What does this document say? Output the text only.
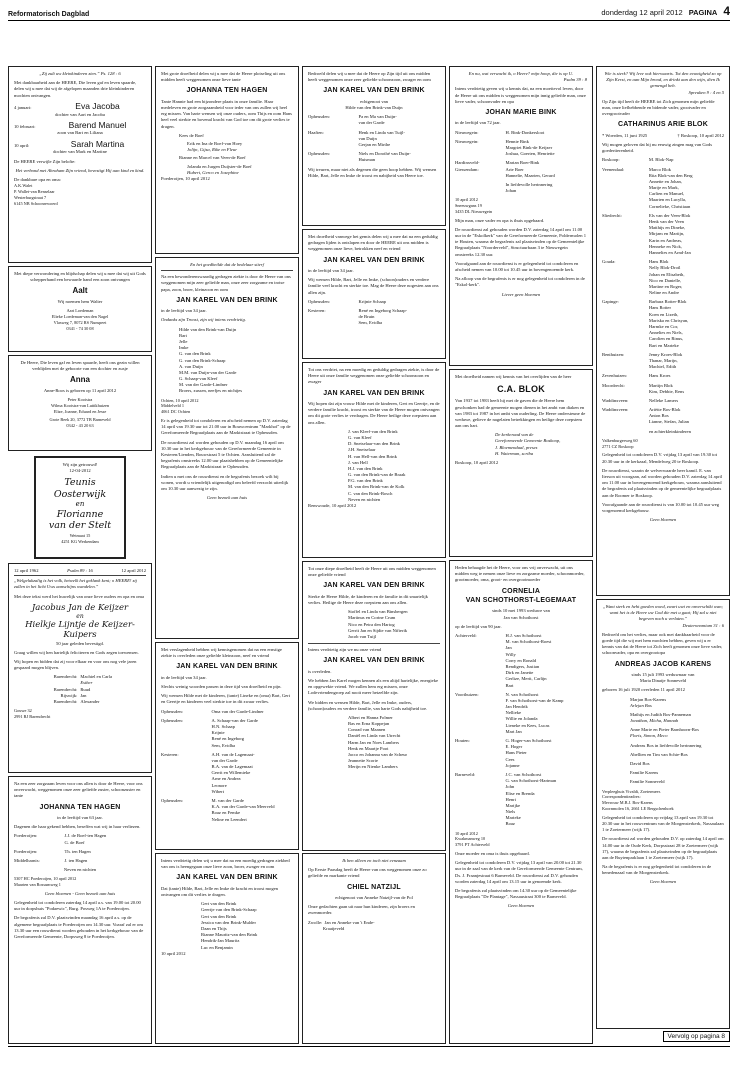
Reformatorisch Dagblad	donderdag 12 april 2012 PAGINA 4
„Zij zult uw kleinkinderen zien.” Ps. 128 : 6
Met dankbaarheid aan de HEERE, Die leven gaf en leven spaarde, delen wij u mee dat wij de afgelopen maanden drie kleinkinderen mochten ontvangen.
4 januari:	Eva Jacoba
dochter van Aart en Jacoba
10 februari:	Barend Manuel
zoon van Bart en Liliana
10 april:	Sarah Martina
dochter van Mark en Martine
De HEERE verwijle Zijn belofte:
Het verbond met Abraham Zijn vriend, bevestigt Hij aan kind en kind.
De dankbare opa en oma:
A.K.Walet
P. Wallet-van Renselaar
Westerburgstraat 7
6145 NB Schoonrewoerd
Met diepe verwondering en blijdschap delen wij u mee dat wij uit Gods schepperhand een bewaarde hand een zoon ontvangen
Aalt
Wij noemen hem Walter
Aart Loedeman
Elieke Loedeman-van den Nagel
Vlasweg 7, 8072 RS Nunspeet
0341 - 74 30 08
De Heere, Die leven gaf en leven spaarde, heeft ons gezin willen verblijden met de geboorte van een dochter en zusje
Anna
Anne-Roos is geboren op 11 april 2012
Peter Kooistra
Wilma Kooistra-van Luttikhuizen
Elize, Joanne, Eduard en Jesse
Grote Beek 20, 3772 TB Barneveld
0342 - 43 20 63
Wij zijn getrouwd!
12-04-2012
Teunis
Oosterwijk
en
Florianne
van der Stelt
Wetmaat 15
4251 KG Werkendam
12 april 1962	Psalm 89 : 16	12 april 2012
„Welgelukzalig is het volk, hetwelk het geklank kent; o HEERE! zij zullen in het licht Uws aanschijns wandelen.”
Met deze tekst werd het huwelijk van onze lieve ouders en opa en oma
Jacobus Jan de Keijzer
en
Hielkje Lijntje de Keijzer-Kuipers
50 jaar geleden bevestigd.
Graag willen wij hen hartelijk feliciteren en Gods zegen toewensen.
Wij hopen en bidden dat zij voor elkaar en voor ons nog vele jaren gespaard mogen blijven.
Barendrecht: Machiel en Carla
Esther
Barendrecht: Ruud
Rijswijk: Jan
Barendrecht: Alexander
Gouwe 32
2991 RJ Barendrecht
Na een zeer zorgzaam leven voor ons allen is door de Heere, voor ons onverwacht, weggenomen onze zeer geliefde zuster, schoonzuster en tante
JOHANNA TEN HAGEN
in de leeftijd van 63 jaar.
Dagenen die haar gekend hebben, beseffen wat wij in haar verliezen.
Poederoijen:	J.J. de Boef-ten Hagen
G. de Boef
Poederoijen:	Th. ten Hagen
Middelharnis:	J. ten Hagen
Neven en nichten
5307 HC Poederoijen, 10 april 2012
Maarten van Rossumweg 1
Geen bloemen - Geen bezoek aan huis
Gelegenheid tot condoleren zaterdag 14 april a.s. van 19.00 tot 20.00 uur in dorpshuis "Podaewic", Burg. Posweg 1A te Poederoijen.
De begrafenis zal D.V. plaatsvinden maandag 16 april a.s. op de algemene begraafplaats te Poederoijen om 14.30 uur. Voaraf zal er om 13.30 uur een rouwdienst worden gehouden in het kerkgebouw van de Gereformeerde Gemeente, Dorpsweg 8 te Poederoijen.
Met grote droefheid delen wij u mee dat de Heere plotseling uit ons midden heeft weggenomen onze lieve tante
JOHANNA TEN HAGEN
Tante Hannie had een bijzondere plaats in onze familie. Haar medeleven en grote zorgzaamheid voor ieder van ons zullen wij heel erg missen. Van harte wensen wij onze ouders, oom Thijs en oom Hans heel veel sterkte en bovenal kracht van God toe om dit grote verlies te dragen.
Kees de Boef
Erik en Ina de Boef-van Hoey
Jolijn, Gijsa, Rike en Fleur
Rianne en Marcel van Veen-de Boef
Jolanda en Jurgen Duijster-de Boef
Hubert, Gerco en Josephine
Poederoijen, 10 april 2012
En het goedheilde dat de bedelaar stierf
Na een bewonderenswaardig gedragen ziekte is door de Heere van ons weggenomen mijn zeer geliefde man, onze zeer zorgzame en trotse papa, zoon, broer, kleinzoon en oom
JAN KAREL VAN DEN BRINK
in de leeftijd van 34 jaar.
Ondanks zijn Troost, zijn wij intens verdrietig.
Hilde van den Brink-van Duijn
Bart
Jelle
Imke
G. van den Brink
G. van den Brink-Schaap
A. van Duijn
M.M. van Duijn-van der Garde
G. Schaap-van Kleef
M. van der Garde-Lindner
Broers, zussen, neefjes en nichtjes
Ochten, 10 april 2012
Middelveld 1
4061 DC Ochten
Er is gelegenheid tot condoleren en afscheid nemen op D.V. zaterdag 14 april van 19.30 uur tot 21.00 uur in Bouwcentrum "Markhof" op de Gereformeerde Begraafplaats aan de Marktstraat te Opheusden.
De rouwdienst zal worden gehouden op D.V. maandag 16 april om 10.30 uur in het kerkgebouw van de Gereformeerde Gemeente in Kesteren/Lienden, Bouwstraat 5 te Ochten. Aansluitend zal de begrafenis omstreeks 12.00 uur plaatshebben op de Gemeentelijke Begraafplaats aan de Marktstraat te Opheusden.
Indien u met ons de rouwdienst en de begrafenis bezoek wilt bij wonen, wordt u vriendelijk uitgenodigd om beleefd verzocht uiterlijk om 10.30 uur aanwezig te zijn.
Geen bezoek aan huis
Met verslagenheid hebben wij kennisgenomen dat na een ernstige ziekte is overleden onze geliefde kleinzoon, neef en vriend
JAN KAREL VAN DEN BRINK
in de leeftijd van 34 jaar.
Slechts weinig woorden passen in deze tijd van droefheid en pijn.
Wij wensen Hilde met de kinderen, (tante) Lineke en (oma) Bart, Gert en Geertje en kinderen veel sterkte toe in dit zwaar verlies.
Opheusden:	Oma van der Garde-Lindner
Opheusden:	A. Schaap-van der Garde
H.N. Schaap
Krijnie
René en Ingeborg
Sem, Evidha
Kesteren:	A.H. van de Lagemaat-
van der Garde
B.A. van de Lagemaat
Gerrit en Willemieke
Arne en Andrea
Leonore
Wibert
Opheusden:	M. van der Garde
K.A. van der Garde-van Meerveld
Boaz en Femke
Neline en Leendert
Bedroefd delen wij u mee dat de Heere op Zijn tijd uit ons midden heeft weggenomen onze zeer geliefde schoonzoon, zwager en oom
JAN KAREL VAN DEN BRINK
echtgenoot van
Hilde van den Brink-van Duijn
Opheusden:	Pa en Ma van Duijn-
van der Garde
Haaften:	Henk en Linda van Tuijl-
van Duijn
Gerjan en Mirthe
Opheusden:	Niels en Dorothé van Duijn-
Huisman
Wij treuren, maar niet als degenen die geen hoop hebben. Wij wensen Hilde, Bart, Jelle en Imke de troost en nabijheid van Heere toe.
Met droefheid vanwege het gemis delen wij u mee dat na een geduldig gedragen lijden is ontslapen en door de HEERE uit ons midden is weggenomen onze lieve, betrokken neef en vriend
JAN KAREL VAN DEN BRINK
in de leeftijd van 34 jaar.
Wij wensen Hilde, Bart, Jelle en Imke, (schoon)ouders en verdere familie veel kracht en sterkte toe. Mag de Heere deze nogesten aan ons allen zijn.
Opheusden:	Krijnie Schaap
Kesteren:	René en Ingeborg Schaap-
de Bruin
Sem, Evidha
Tot ons verdriet, na een moedig en geduldig gedragen ziekte, is door de Heere uit onze familie weggenomen onze geliefde schoonzoon en zwager
JAN KAREL VAN DEN BRINK
Wij hopen dat zijn vrouw Hilde met de kinderen, Gert en Geertje, en de verdere familie kracht, troost en sterkte van de Heere mogen ontvangen om dit grote verlies te verdragen. De Heere heilige deze roepstem aan ons allen.
J. van Kleef-van den Brink
G. van Kleef
D. Snetselaar-van den Brink
J.H. Snetselaar
H. van Hell-van den Brink
J. van Hell
H.J. van den Brink
G. van den Brink-van de Braak
P.G. van den Brink
M. van den Brink-van de Kolk
C. van den Brink-Bosch
Neven en nichten
Renswoude, 10 april 2012
Tot onze diepe droefheid heeft de Heere uit ons midden weggenomen onze geliefde vriend
JAN KAREL VAN DEN BRINK
Sterke de Heere Hilde, de kinderen en de familie in dit smartelijk verlies. Heilige de Heere deze roepstem aan ons allen.
Stoffel en Linda van Binsbergen
Martinus en Corine Crum
Nico en Petra den Hartog
Gerrit Jan en Sijdie van Nifterik
Jacob van Tuijl
Intens verdrietig zijn we nu onze vriend
JAN KAREL VAN DEN BRINK
is overleden.
We hebben Jan Karel mogen kennen als een altijd hartelijke, energieke en opgewekte vriend. We zullen hem erg missen, onze Lodevriendengroep zal nooit meer hetzelfde zijn.
We bidden en wensen Hilde, Bart, Jelle en Imke, ouders, (schoon)ouders en verdere familie, van harte Gods nabijheid toe.
Albert en Hanna Folmer
Bas en Erna Koppejan
Conrad van Maanen
Daniël en Linda van Utrecht
Harm Jan en Noes Lambers
Henk en Maartje Poot
Jacco en Johanna van de Scheur
Jeannette Scorie
Merijn en Nienke Lambers
Intens verdrietig delen wij u mee dat na een moedig gedragen ziekbed van ons is heengegaan onze lieve zoon, broer, zwager en oom
JAN KAREL VAN DEN BRINK
Dat (tante) Hilde, Bart, Jelle en Imke de kracht en troost mogen ontvangen om dit verlies te dragen.
Gert van den Brink
Geertje van den Brink-Schaap
Gert van den Brink
Jessica van den Brink-Mulder
Daan en Thijs
Rianne Mauritz-van den Brink
Hendrik-Jan Mauritz
Luc en Benjamin
10 april 2012
Ik ben alleen en toch niet eenzaam
Op Eerste Paasdag heeft de Heere van ons weggenomen onze zo geliefde en markante vriend
CHIEL NATZIJL
echtgenoot van Anneke Natzijl-van de Pol
Onze gedachten gaan uit naar hun kinderen, zijn broers en zwenmoeder.
Zwolle:  Jan en Anneke van 't Ende-
Kraaijeveld
En nu, wat verwacht ik, o Heere? mijn hoop, die is op U.
Psalm 39 : 8
Intens verdrietig geven wij u kennis dat, na een moeitevol leven, door de Heere uit ons midden is weggenomen mijn innig geliefde man, onze lieve vader, schoonvader en opa
JOHAN MARIE BINK
in de leeftijd van 72 jaar.
Nieuwegein:	H. Bink-Donkersloot
Nieuwegein:	Hennie Bink
Margriet Bink-de Keijzer
Joshua, Goerten, Henriette
Hardinxveld-
Giessendam:
Marian Boer-Bink
Arie Boer
Hannelie, Maarten, Gerard
In liefdevolle herinnering
Johan
10 april 2012
Sneeuwgans 19
3435 DL Nieuwegein
Mijn man, onze vader en opa is thuis opgebaard.
De rouwdienst zal gehouden worden D.V. zaterdag 14 april om 11.00 uur in de "Eskolkerk" van de Gereformeerde Gemeente, Poldermolen 1 te Houten, waarna de begrafenis zal plaatsvinden op de Gemeentelijke Begraafplaats "Noorderveld", Structuurbaan 3 te Nieuwegein omstreeks 12.30 uur.
Voorafgaand aan de rouwdienst is er gelegenheid tot condoleren en afscheid nemen van 10.00 tot 10.45 uur in bovengenoemde kerk.
Na afloop van de begrafenis is er nog gelegenheid tot condoleren in de "Eskol-kerk".
Liever geen bloemen
Met droefheid namen wij kennis van het overlijden van de heer
C.A. BLOK
Van 1937 tot 1983 heeft hij met de gaven die de Heere hem geschonken had de gemeente mogen dienen in het ambt van diaken en van 1983 tot 1987 in het ambt van ouderling. De Heere ondersteune de weduwe, gelieve de nagelaten betrekkingen en heilige deze roepstem aan ons hart.
De kerkeraad van de
Gereformeerde Gemeente Boskoop,
J. Bloemendaal, preses
H. Waterman, scriba
Boskoop, 10 april 2012
Heden behaagde het de Heere, voor ons vrij onverwacht, uit ons midden weg te nemen onze lieve en zorgzame moeder, schoonmoeder, grootmoeder, oma, groot- en overgrootmoeder
CORNELIA
VAN SCHOTHORST-LEGEMAAT
sinds 10 mei 1993 weduwe van
Jan van Schothorst
op de leeftijd van 90 jaar.
Achterveld:	H.J. van Schothorst
M. van Schothorst-Roest
Jan
Willy
Corry en Ronald
Rendigers, Justian
Dirk en Janette
Gerlize, Merit, Carlijn
Bart
Voorthuizen:	N. van Schothorst
F. van Schothorst-van de Kamp
Jan Hendrik
Nellieke
Willie en Jolanda
Lieneke en Kees, Lucas
Mart Jan
Houten:	G. Hoger-van Schothorst
E. Hoger
Hans Pieter
Cees
Jojanne
Barneveld:	J.C. van Schothorst
G. van Schothorst-Hartman
John
Elise en Brenda
Henri
Marijke
Niels
Marieke
Boaz
10 april 2012
Kwakmanweg 10
3791 PT Achterveld
Onze moeder en oma is thuis opgebaard.
Gelegenheid tot condoleren D.V. vrijdag 13 april van 20.00 tot 21.30 uur in de zaal van de kerk van de Gereformeerde Gemeente Centrum, Ds. J. Fraanjestraat 6 Barneveld. De rouwdienst zal D.V. gehouden worden zaterdag 14 april om 13.15 uur in genoemde kerk.
De begrafenis zal plaatsvinden om 14.30 uur op de Gemeentelijke Begraafplaats "De Plantage", Nassaustraat 300 te Barneveld.
Geen bloemen
Wie is sterk? Wij leve ook hierwaarts. Tot den eeuwigheid zo op Zijn Kerst, en aan Mijn brood, en drinkt aan den wijn, dien Ik gemengd heb.
Spreuken 9 : 4 en 5
Op Zijn tijd heeft de HEERE tot Zich genomen mijn geliefde man, onze liefhebbende en bidende vader, grootvader en overgrootvader
CATHARINUS ARIE BLOK
* Woerden, 11 juni 1925	† Boskoop, 10 april 2012
Wij mogen geloven dat hij nu eeuwig zingen mag van Gods goedertierenheid.
Boskoop:	M. Blok-Nap
Veenendaal:	Marco Blok
Rita Blok-van den Berg
Annette en Johan,
Marije en Mark,
Carlien en Manuel,
Maarten en Lucylla,
Cornelieke, Christiaan
Sliedrecht:	Els van der Veen-Blok
Henk van der Veen
Matthijs en Dineke,
Mirjam en Martijn,
Karin en Andreas,
Henneke en Nick,
Hannelies en Arnd-Jan
Gouda:	Hans Blok
Nelly Blok-Droil
Johan en Elisabeth,
Nico en Danielle,
Martine en Roger,
Neline en Andre
Gapinge:	Barbara Rotter-Blok
Hans Rotter
Koen en Lizeth,
Mariska en Chrisyan,
Harmke en Cor,
Annelies en Niels,
Carolien en Rinus,
Bart en Marieke
Benthuizen:	Jenny Kroes-Blok
Thanar, Marijn,
Machiel, Edith
Zevenhuizen:	Hans Kroes
Moordrecht:	Martijn Blok
Kim, Debbie, Rens
Waddinxveen:	Nelleke Lamers
Waddinxveen:	Ariëtte Bos-Blok
Anton Bos
Lianne, Stefan, Julian
en achterkleinkinderen
Valkenburgerweg 60
2771 CZ Boskoop
Gelegenheid tot condoleren D.V. vrijdag 13 april van 19.30 tot 20.30 uur in de kerkzaal, Mendelweg 20 te Boskoop.
De rouwdienst, waarin de welverwaarde heer kamil. E. van Iterson uit voorgaan, zal worden gehouden D.V. zaterdag 14 april om 11.00 uur in bovengenoemd kerkgebouw, waarna aansluitend de begrafenis zal plaatsvinden op de gemeentelijke begraafplaats aan de Roomer te Boskoop.
Voorafgaande aan de rouwdienst is van 10.00 tot 10.45 uur weg vorgenoemd kerkgebouw.
Geen bloemen
„Want sterk en heht goeden woed, zwart uwt en onverschikt wan; want het is de Heere uw God die met u gaat; Hij zal u niet begeven noch u verlaten.”
Deuteronomium 31 : 6
Bedroefd om het verlies, maar ook met dankbaarheid voor de goede tijd die wij met hem mochten hebben, geven wij u er kennis van dat de Heere tot Zich heeft genomen onze lieve vader, schoonvader, opa en overgrootopa
ANDREAS JACOB KARENS
sinds 15 juli 1993 weduwnaar van
Maria Dinatje Sonneveld
geboren 16 juli 1920 overleden 11 april 2012
Marjan Bos-Karens
Arlejan Bos
Mathijs en Judith Bos-Panneman
Jonathan, Micha, Hannah
Anne Marie en Pieter Barnhoorn-Bos
Floris, Simon, Meco
Andreas Bos in liefdevolle herinnering
Abellien en Tim van Schie-Bos
David Bos
Familie Karens
Familie Sonneveld
Verpleeghuis Vivaldi, Zoetermeer.
Correspondentieadres:
Mevrouw M.B.J. Bos-Karens
Koornmolen 16, 2661 LE Bergschenhoek
Gelegenheid tot condoleren op vrijdag 13 april van 19.30 tot 20.30 uur in het rouwcentrum van de Morgensterkerk, Nassaulaan 1 te Zoetermeer (wijk 17).
De rouwdienst zal worden gehouden D.V. op zaterdag 14 april om 14.00 uur in de Oude Kerk, Dorpsstraat 28 te Zoetermeer (wijk 17), waarna de begrafenis zal plaatsvinden op de begraafplaats aan de Buytenparklaan 1 te Zoetermeer (wijk 17).
Na de begrafenis is er nog gelegenheid tot condoleren in de benedenzaal van de Morgensterkerk.
Geen bloemen
Vervolg op pagina 8
